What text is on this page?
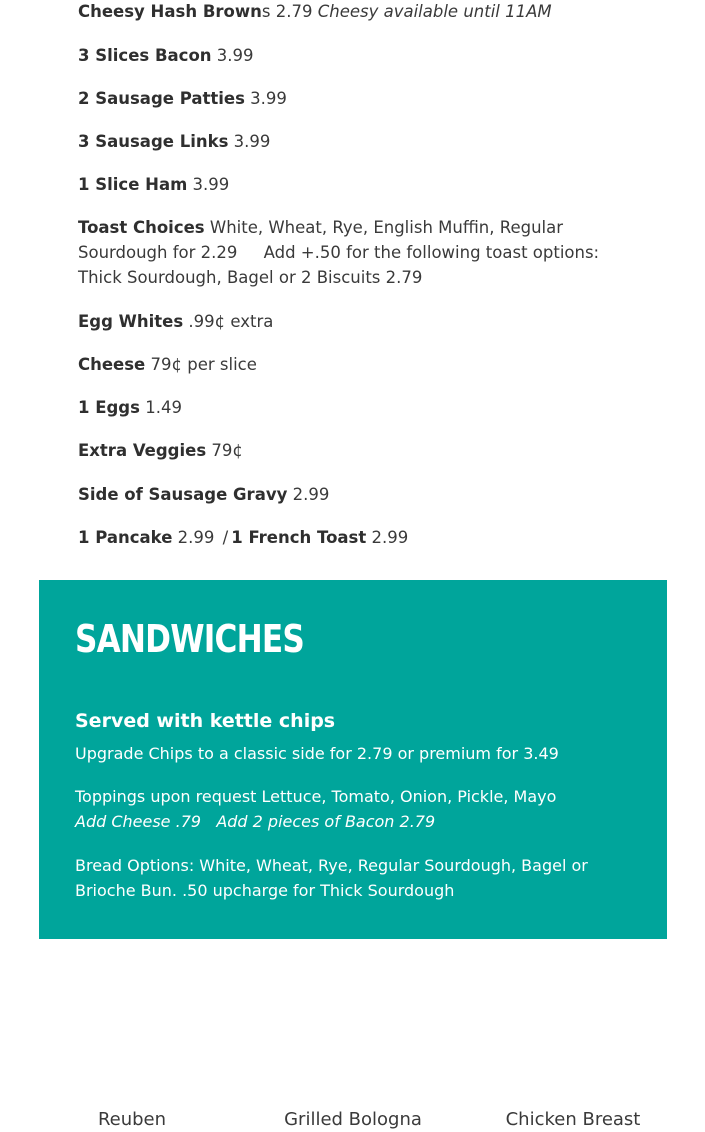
Cheesy Hash Browns 2.79 Cheesy available until 11AM
3 Slices Bacon 3.99
2 Sausage Patties 3.99
3 Sausage Links 3.99
1 Slice Ham 3.99
Toast Choices White, Wheat, Rye, English Muffin, Regular Sourdough for 2.29     Add +.50 for the following toast options: Thick Sourdough, Bagel or 2 Biscuits 2.79
Egg Whites .99¢ extra
Cheese 79¢ per slice
1 Eggs 1.49
Extra Veggies 79¢
Side of Sausage Gravy 2.99
1 Pancake 2.99 / 1 French Toast 2.99
SANDWICHES
Served with kettle chips
Upgrade Chips to a classic side for 2.79 or premium for 3.49
Toppings upon request Lettuce, Tomato, Onion, Pickle, Mayo
Add Cheese .79   Add 2 pieces of Bacon 2.79
Bread Options: White, Wheat, Rye, Regular Sourdough, Bagel or Brioche Bun. .50 upcharge for Thick Sourdough
Reuben	Grilled Bologna	Chicken Breast
